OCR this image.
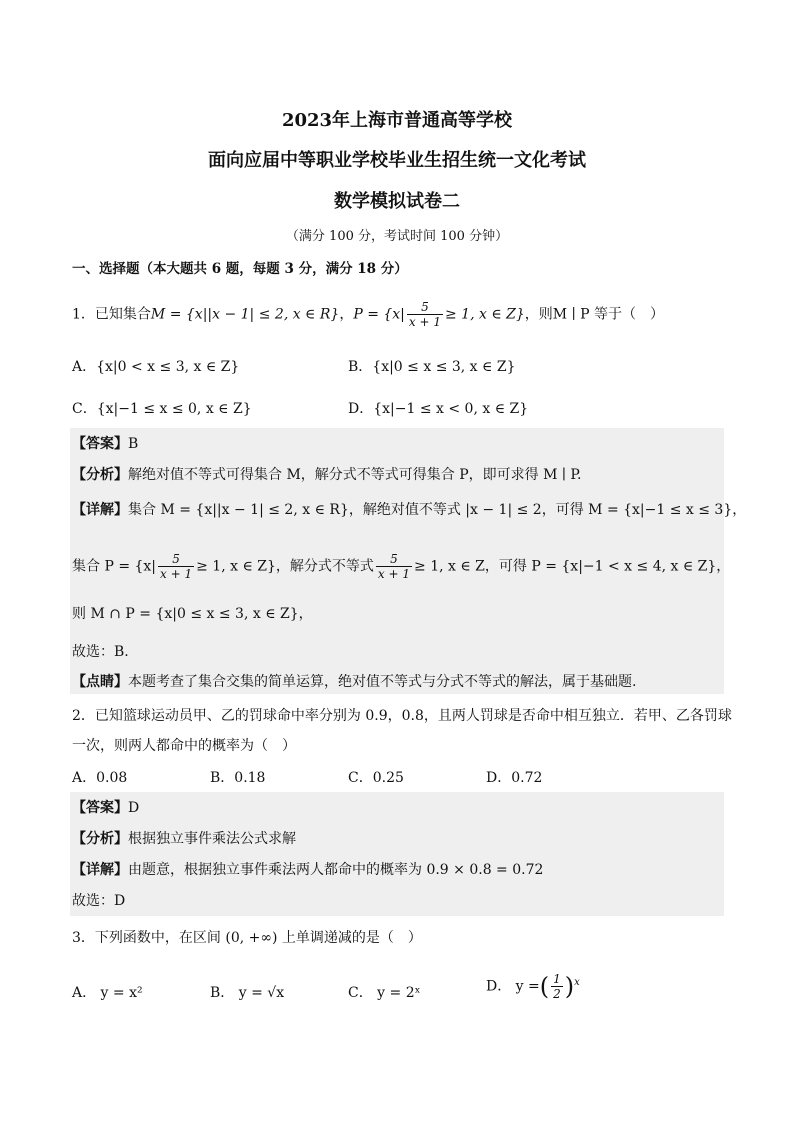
2023年上海市普通高等学校
面向应届中等职业学校毕业生招生统一文化考试
数学模拟试卷二
（满分 100 分，考试时间 100 分钟）
一、选择题（本大题共 6 题，每题 3 分，满分 18 分）
1．已知集合M = {x||x − 1| ≤ 2, x ∈ R}，$P = \{x| \frac{5}{x + 1} \ge 1$, x ∈ Z}，则M ∣ P 等于（　）
A．{x|0 < x ≤ 3, x ∈ Z}	B．{x|0 ≤ x ≤ 3, x ∈ Z}
C．{x|−1 ≤ x ≤ 0, x ∈ Z}	D．{x|−1 ≤ x < 0, x ∈ Z}
【答案】B
【分析】解绝对值不等式可得集合 M，解分式不等式可得集合 P，即可求得 M ∣ P.
【详解】集合 M = {x||x − 1| ≤ 2, x ∈ R}，解绝对值不等式 |x − 1| ≤ 2，可得 M = {x|−1 ≤ x ≤ 3}，
集合 $P = \{x| \frac{5}{x + 1} \ge 1$, x ∈ Z}，解分式不等式 $\frac{5}{x + 1} \ge 1$, x ∈ Z，可得 P = {x|−1 < x ≤ 4, x ∈ Z}，
则 M ∩ P = {x|0 ≤ x ≤ 3, x ∈ Z}，
故选：B.
【点睛】本题考查了集合交集的简单运算，绝对值不等式与分式不等式的解法，属于基础题.
2．已知篮球运动员甲、乙的罚球命中率分别为 0.9，0.8，且两人罚球是否命中相互独立．若甲、乙各罚球
一次，则两人都命中的概率为（　）
A．0.08	B．0.18	C．0.25	D．0.72
【答案】D
【分析】根据独立事件乘法公式求解
【详解】由题意，根据独立事件乘法两人都命中的概率为 0.9 × 0.8 = 0.72
故选：D
3．下列函数中，在区间 (0, +∞) 上单调递减的是（　）
A． y = x²	B． y = √x	C． y = 2ˣ	D． y =( $\frac{1}{2} )^x$
